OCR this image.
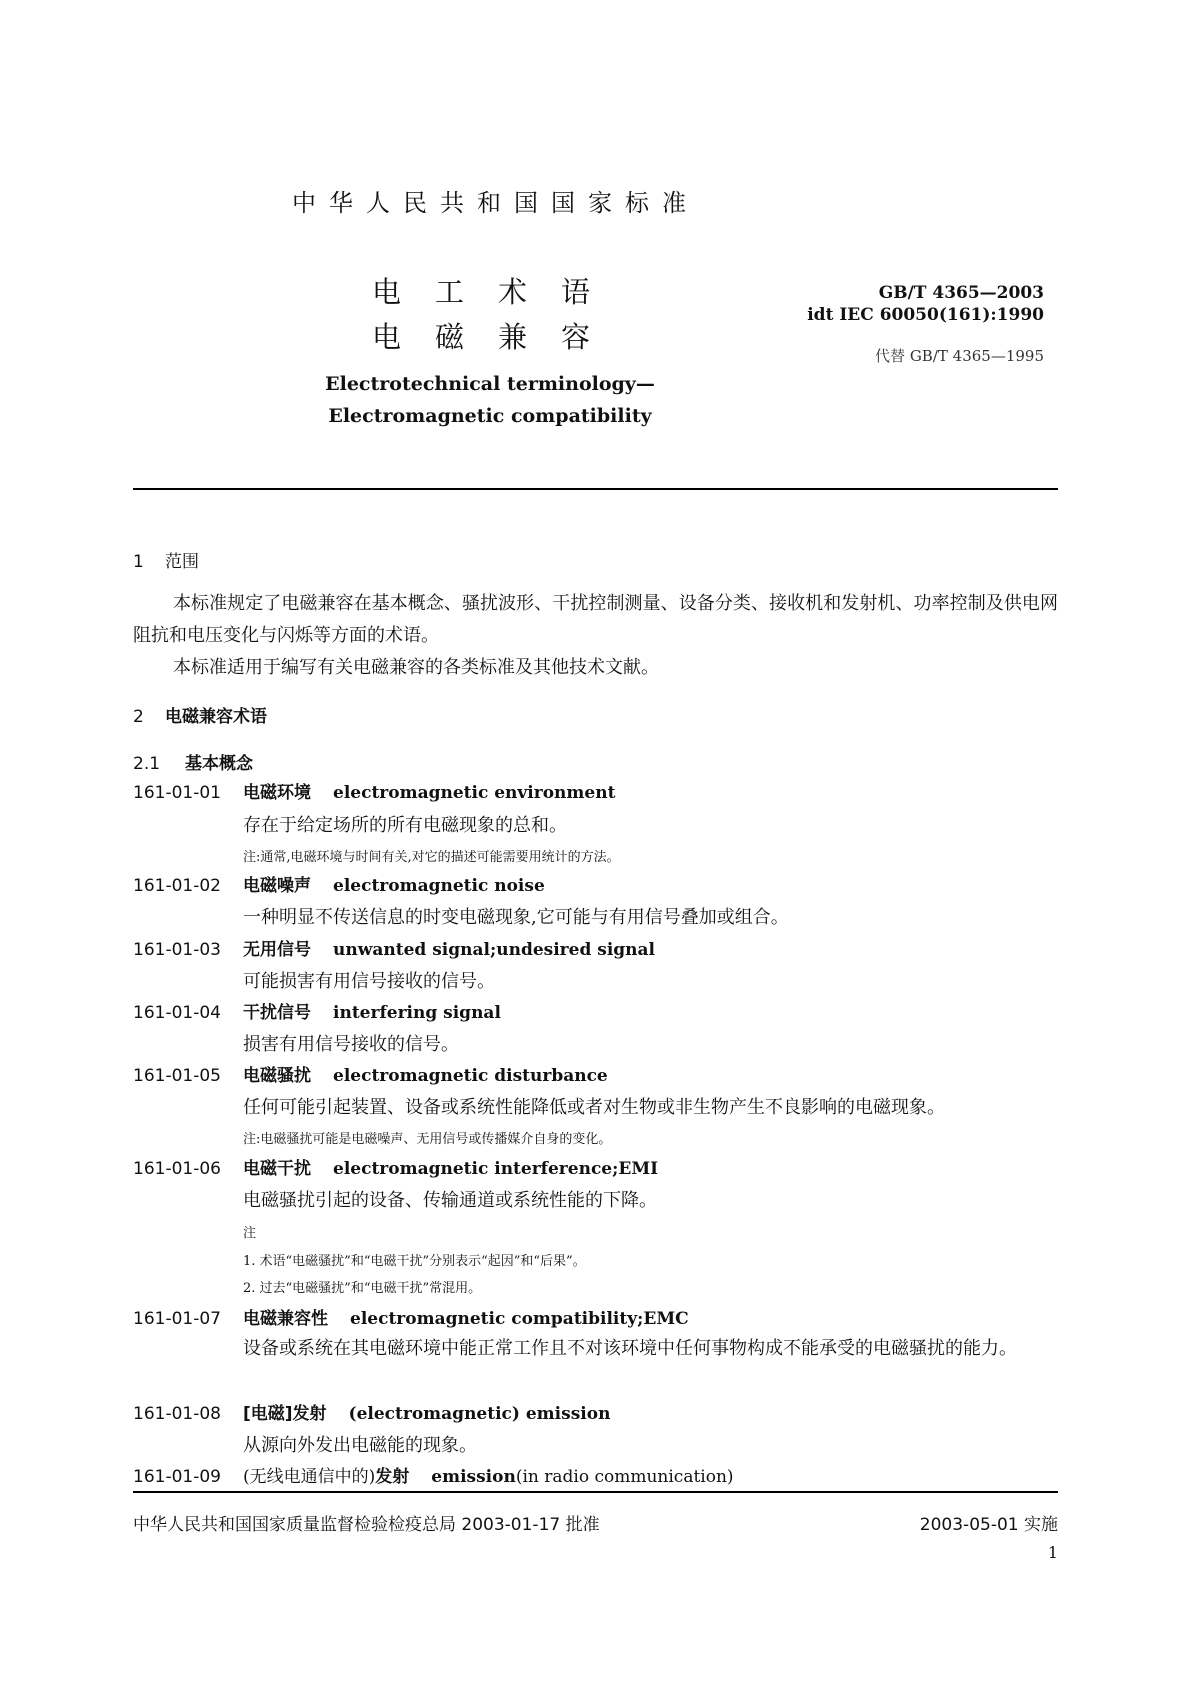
中华人民共和国国家标准
电工术语
电磁兼容
Electrotechnical terminology—
Electromagnetic compatibility
GB/T 4365—2003
idt IEC 60050(161):1990
代替 GB/T 4365—1995
1 范围
本标准规定了电磁兼容在基本概念、骚扰波形、干扰控制测量、设备分类、接收机和发射机、功率控制及供电网阻抗和电压变化与闪烁等方面的术语。
本标准适用于编写有关电磁兼容的各类标准及其他技术文献。
2 电磁兼容术语
2.1 基本概念
161-01-01 电磁环境 electromagnetic environment
存在于给定场所的所有电磁现象的总和。
注:通常,电磁环境与时间有关,对它的描述可能需要用统计的方法。
161-01-02 电磁噪声 electromagnetic noise
一种明显不传送信息的时变电磁现象,它可能与有用信号叠加或组合。
161-01-03 无用信号 unwanted signal;undesired signal
可能损害有用信号接收的信号。
161-01-04 干扰信号 interfering signal
损害有用信号接收的信号。
161-01-05 电磁骚扰 electromagnetic disturbance
任何可能引起装置、设备或系统性能降低或者对生物或非生物产生不良影响的电磁现象。
注:电磁骚扰可能是电磁噪声、无用信号或传播媒介自身的变化。
161-01-06 电磁干扰 electromagnetic interference;EMI
电磁骚扰引起的设备、传输通道或系统性能的下降。
注
1. 术语“电磁骚扰”和“电磁干扰”分别表示“起因”和“后果”。
2. 过去“电磁骚扰”和“电磁干扰”常混用。
161-01-07 电磁兼容性 electromagnetic compatibility;EMC
设备或系统在其电磁环境中能正常工作且不对该环境中任何事物构成不能承受的电磁骚扰的能力。
161-01-08 [电磁]发射 (electromagnetic) emission
从源向外发出电磁能的现象。
161-01-09 (无线电通信中的)发射 emission(in radio communication)
中华人民共和国国家质量监督检验检疫总局 2003-01-17 批准	2003-05-01 实施
1
